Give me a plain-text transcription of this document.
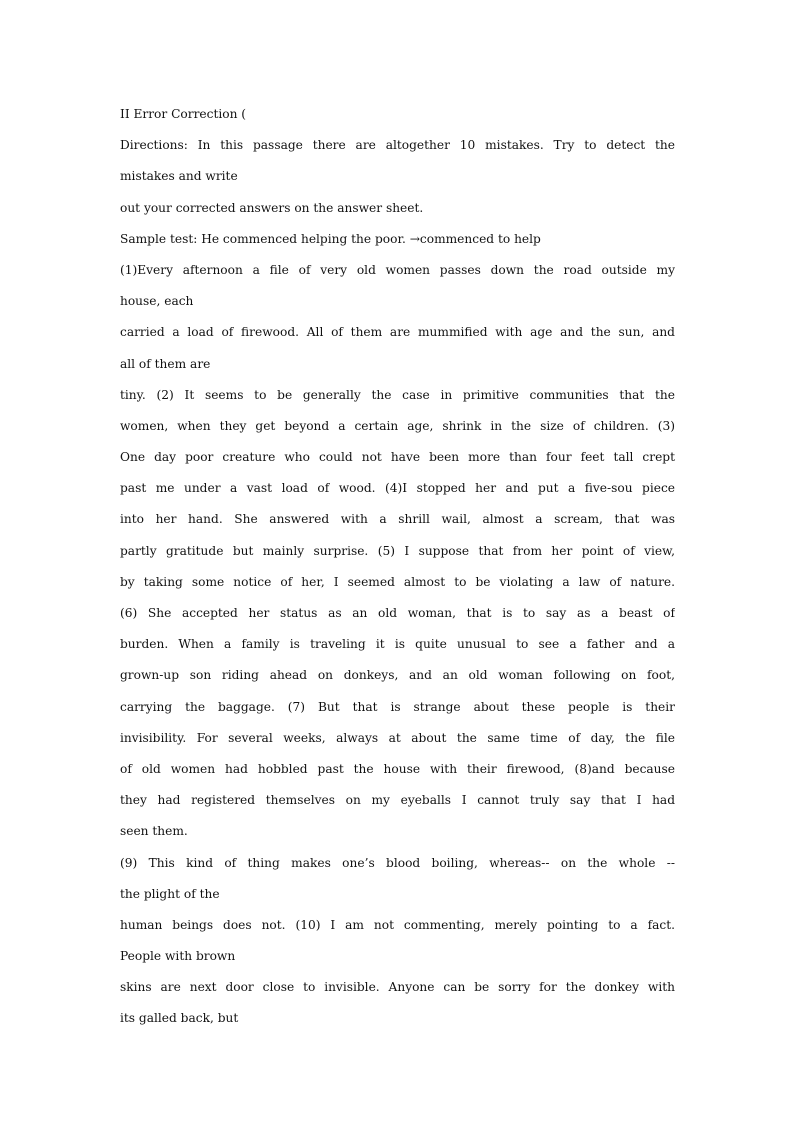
II Error Correction (
Directions: In this passage there are altogether 10 mistakes. Try to detect the
mistakes and write
out your corrected answers on the answer sheet.
Sample test: He commenced helping the poor. →commenced to help
(1)Every afternoon a file of very old women passes down the road outside my
house, each
carried a load of firewood. All of them are mummified with age and the sun, and
all of them are
tiny. (2) It seems to be generally the case in primitive communities that the
women, when they get beyond a certain age, shrink in the size of children. (3)
One day poor creature who could not have been more than four feet tall crept
past me under a vast load of wood. (4)I stopped her and put a five-sou piece
into her hand. She answered with a shrill wail, almost a scream, that was
partly gratitude but mainly surprise. (5) I suppose that from her point of view,
by taking some notice of her, I seemed almost to be violating a law of nature.
(6) She accepted her status as an old woman, that is to say as a beast of
burden. When a family is traveling it is quite unusual to see a father and a
grown-up son riding ahead on donkeys, and an old woman following on foot,
carrying the baggage. (7) But that is strange about these people is their
invisibility. For several weeks, always at about the same time of day, the file
of old women had hobbled past the house with their firewood, (8)and because
they had registered themselves on my eyeballs I cannot truly say that I had
seen them.
(9) This kind of thing makes one’s blood boiling, whereas-- on the whole --
the plight of the
human beings does not. (10) I am not commenting, merely pointing to a fact.
People with brown
skins are next door close to invisible. Anyone can be sorry for the donkey with
its galled back, but
